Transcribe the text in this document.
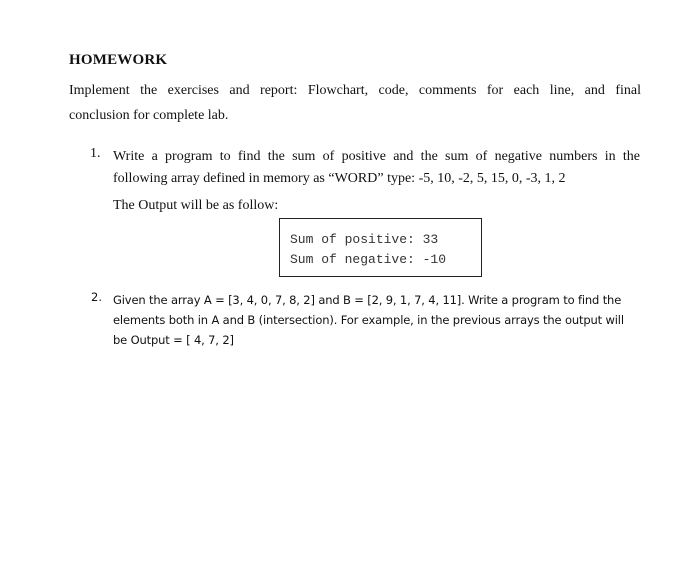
HOMEWORK
Implement the exercises and report: Flowchart, code, comments for each line, and final
conclusion for complete lab.
1. Write a program to find the sum of positive and the sum of negative numbers in the
following array defined in memory as “WORD” type: -5, 10, -2, 5, 15, 0, -3, 1, 2
The Output will be as follow:
Sum of positive: 33
Sum of negative: -10
2. Given the array A = [3, 4, 0, 7, 8, 2] and B = [2, 9, 1, 7, 4, 11]. Write a program to find the
elements both in A and B (intersection). For example, in the previous arrays the output will
be Output = [ 4, 7, 2]
